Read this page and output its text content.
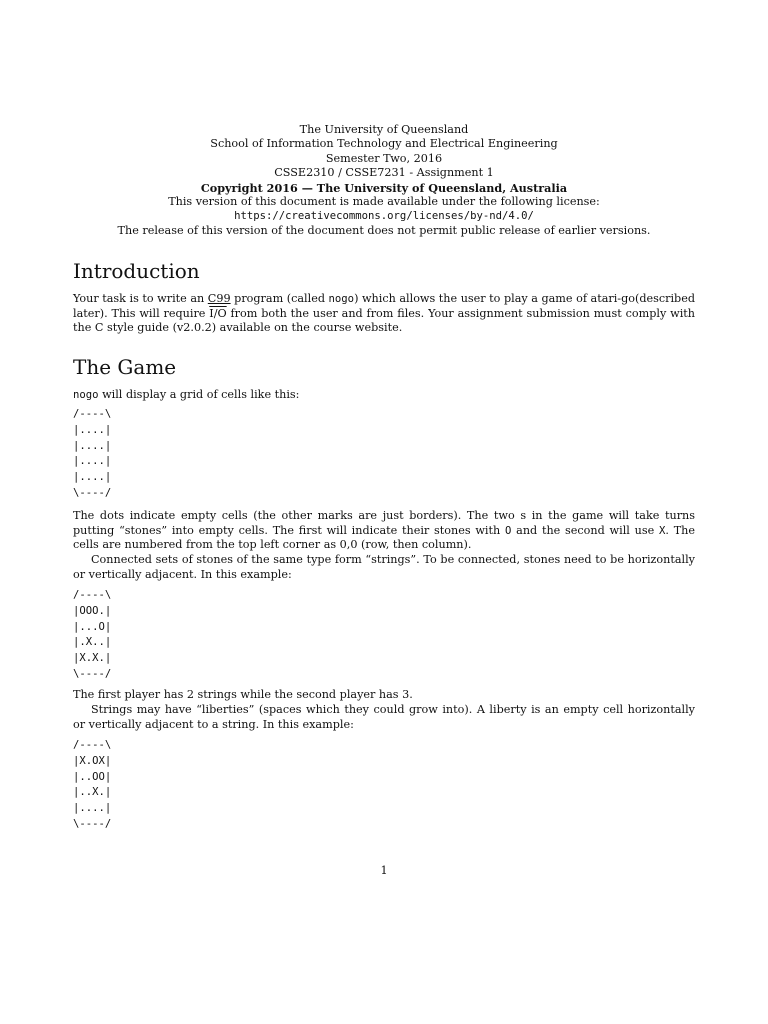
The University of Queensland
School of Information Technology and Electrical Engineering
Semester Two, 2016
CSSE2310 / CSSE7231 - Assignment 1
Copyright 2016 — The University of Queensland, Australia
This version of this document is made available under the following license:
https://creativecommons.org/licenses/by-nd/4.0/
The release of this version of the document does not permit public release of earlier versions.
Introduction

Your task is to write an C99 program (called nogo) which allows the user to play a game of atari-go(described later). This will require I/O from both the user and from files. Your assignment submission must comply with the C style guide (v2.0.2) available on the course website.

The Game

nogo will display a grid of cells like this:

/----\
|....|
|....|
|....|
|....|
\----/

The dots indicate empty cells (the other marks are just borders). The two s in the game will take turns putting “stones” into empty cells. The first will indicate their stones with O and the second will use X. The cells are numbered from the top left corner as 0,0 (row, then column).

Connected sets of stones of the same type form “strings”. To be connected, stones need to be horizontally or vertically adjacent. In this example:

/----\
|OOO.|
|...O|
|.X..|
|X.X.|
\----/

The first player has 2 strings while the second player has 3.

Strings may have “liberties” (spaces which they could grow into). A liberty is an empty cell horizontally or vertically adjacent to a string. In this example:

/----\
|X.OX|
|..OO|
|..X.|
|....|
\----/
1
